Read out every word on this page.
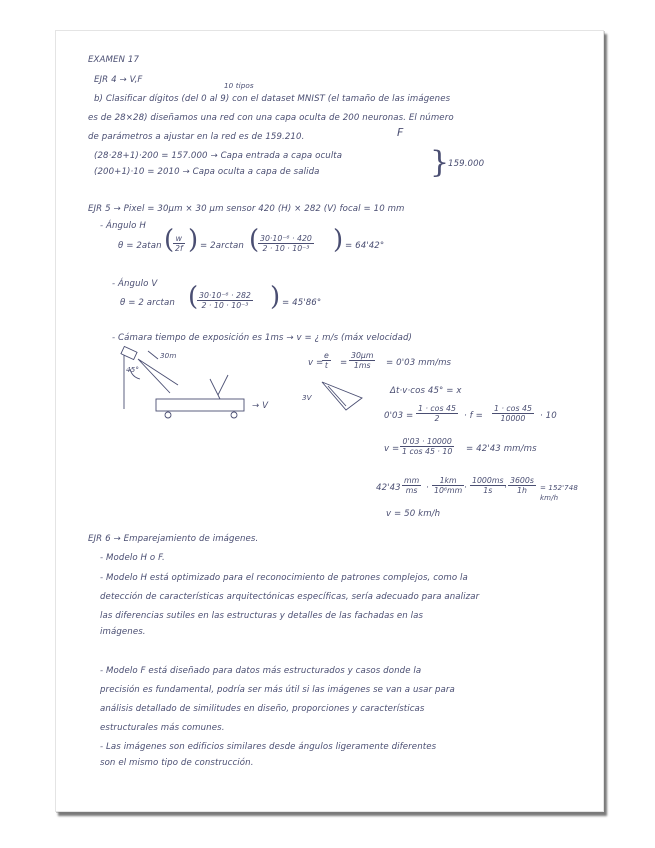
EXAMEN 17
EJR 4 → V,F
10 tipos
b) Clasificar dígitos (del 0 al 9) con el dataset MNIST (el tamaño de las imágenes
es de 28×28) diseñamos una red con una capa oculta de 200 neuronas. El número
de parámetros a ajustar en la red es de 159.210.	F
(28·28+1)·200 = 157.000 → Capa entrada a capa oculta
(200+1)·10 = 2010 → Capa oculta a capa de salida	}
159.000
EJR 5 → Pixel = 30μm × 30 μm sensor 420 (H) × 282 (V) focal = 10 mm
- Ángulo H
θ = 2atan (
$\frac{w}{2f}$ ) = 2arctan (
$\frac{\text{30·10⁻⁶ · 420}}{\text{2 · 10 · 10⁻³}}$ ) = 64'42°
- Ángulo V
θ = 2 arctan (
$\frac{\text{30·10⁻⁶ · 282}}{\text{2 · 10 · 10⁻³}}$ ) = 45'86°
- Cámara tiempo de exposición es 1ms → v = ¿ m/s (máx velocidad)
30m
45°
→ V
v =
$\frac{e}{t} = \frac{30\mu m}{1ms} = 0'03$ mm/ms
3V
Δt·v·cos 45° = x
$0'03 = \frac{1 \cdot \cos 45}{2} \cdot f = \frac{1 \cdot \cos 45}{10000} \cdot 10$
$v = \frac{0'03 \cdot 10000}{1 \cos 45 \cdot 10} = 42'43$ mm/ms
$42'43 \frac{mm}{ms} \cdot \frac{1km}{\text{10⁶mm}} \cdot \frac{1000ms}{1s}$
· $\frac{3600s}{1h} = 152'748$ km/h
v = 50 km/h
EJR 6 → Emparejamiento de imágenes.
- Modelo H o F.
- Modelo H está optimizado para el reconocimiento de patrones complejos, como la
detección de características arquitectónicas específicas, sería adecuado para analizar
las diferencias sutiles en las estructuras y detalles de las fachadas en las
imágenes.
- Modelo F está diseñado para datos más estructurados y casos donde la
precisión es fundamental, podría ser más útil si las imágenes se van a usar para
análisis detallado de similitudes en diseño, proporciones y características
estructurales más comunes.
- Las imágenes son edificios similares desde ángulos ligeramente diferentes
son el mismo tipo de construcción.
